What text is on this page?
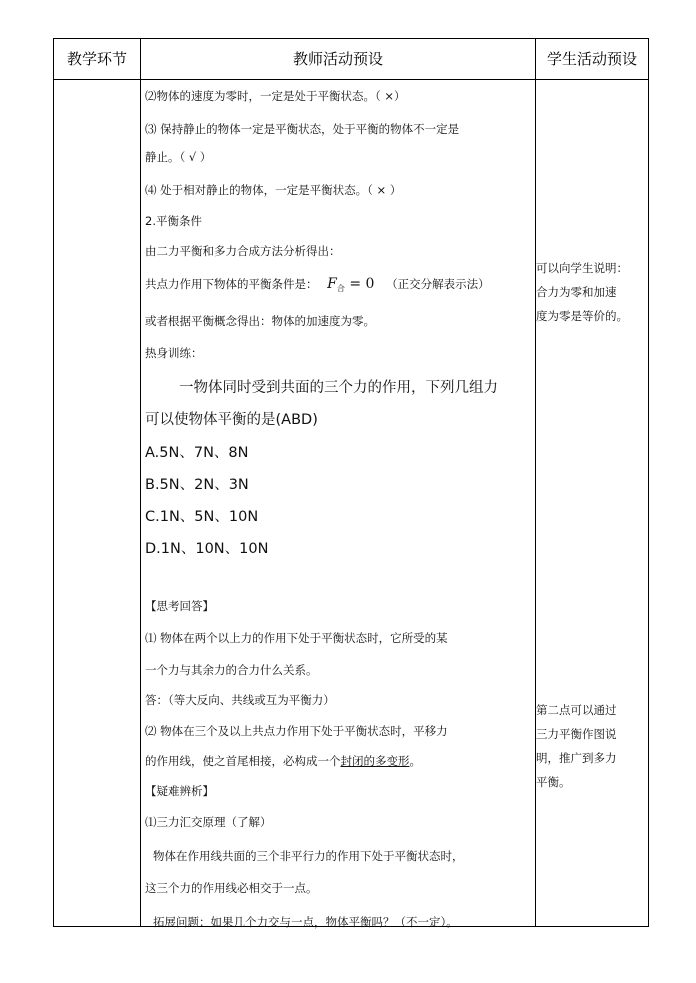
教学环节	教师活动预设	学生活动预设
⑵物体的速度为零时，一定是处于平衡状态。（ ×）
⑶ 保持静止的物体一定是平衡状态，处于平衡的物体不一定是
静止。（ √ ）
⑷ 处于相对静止的物体，一定是平衡状态。（ × ）
2.平衡条件
由二力平衡和多力合成方法分析得出：
共点力作用下物体的平衡条件是： $F_合 = 0$ （正交分解表示法）
或者根据平衡概念得出：物体的加速度为零。
热身训练：
一物体同时受到共面的三个力的作用，下列几组力
可以使物体平衡的是(ABD)
A.5N、7N、8N
B.5N、2N、3N
C.1N、5N、10N
D.1N、10N、10N
【思考回答】
⑴ 物体在两个以上力的作用下处于平衡状态时，它所受的某
一个力与其余力的合力什么关系。
答：（等大反向、共线或互为平衡力）
⑵ 物体在三个及以上共点力作用下处于平衡状态时，平移力
的作用线，使之首尾相接，必构成一个封闭的多变形。
【疑难辨析】
⑴三力汇交原理（了解）
物体在作用线共面的三个非平行力的作用下处于平衡状态时，
这三个力的作用线必相交于一点。
拓展问题：如果几个力交与一点，物体平衡吗？（不一定）。
可以向学生说明：
合力为零和加速
度为零是等价的。
第二点可以通过
三力平衡作图说
明，推广到多力
平衡。
